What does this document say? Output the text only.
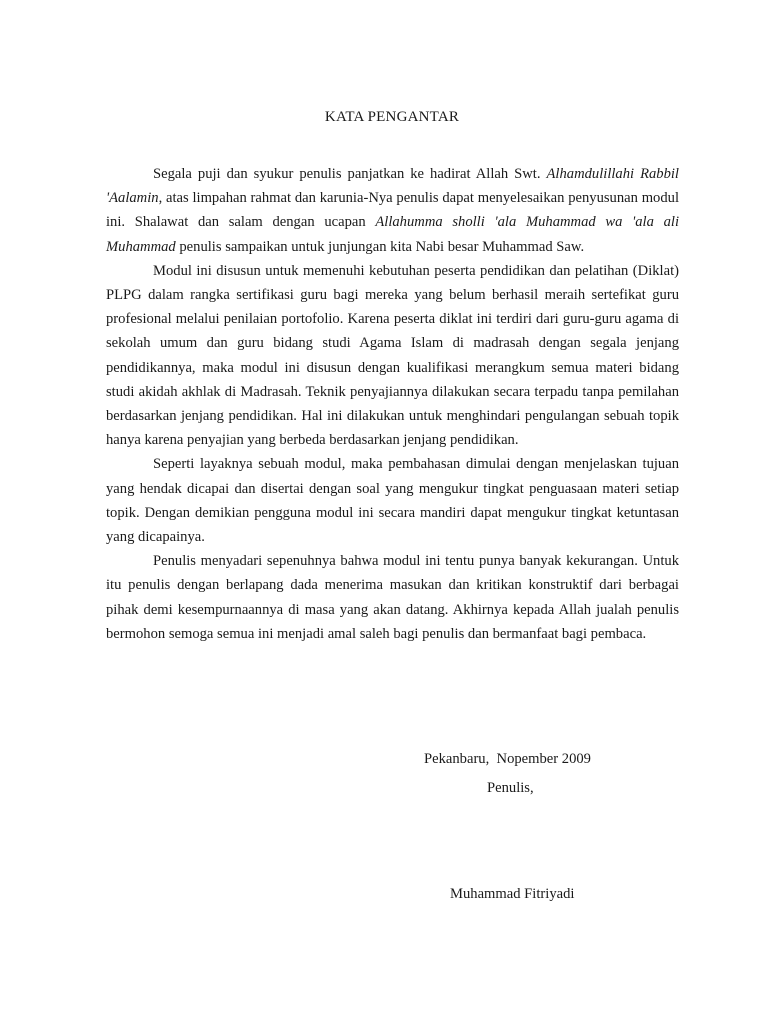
KATA PENGANTAR

Segala puji dan syukur penulis panjatkan ke hadirat Allah Swt. Alhamdulillahi Rabbil 'Aalamin, atas limpahan rahmat dan karunia-Nya penulis dapat menyelesaikan penyusunan modul ini. Shalawat dan salam dengan ucapan Allahumma sholli 'ala Muhammad wa 'ala ali Muhammad penulis sampaikan untuk junjungan kita Nabi besar Muhammad Saw.

Modul ini disusun untuk memenuhi kebutuhan peserta pendidikan dan pelatihan (Diklat) PLPG dalam rangka sertifikasi guru bagi mereka yang belum berhasil meraih sertefikat guru profesional melalui penilaian portofolio. Karena peserta diklat ini terdiri dari guru-guru agama di sekolah umum dan guru bidang studi Agama Islam di madrasah dengan segala jenjang pendidikannya, maka modul ini disusun dengan kualifikasi merangkum semua materi bidang studi akidah akhlak di Madrasah. Teknik penyajiannya dilakukan secara terpadu tanpa pemilahan berdasarkan jenjang pendidikan. Hal ini dilakukan untuk menghindari pengulangan sebuah topik hanya karena penyajian yang berbeda berdasarkan jenjang pendidikan.

Seperti layaknya sebuah modul, maka pembahasan dimulai dengan menjelaskan tujuan yang hendak dicapai dan disertai dengan soal yang mengukur tingkat penguasaan materi setiap topik. Dengan demikian pengguna modul ini secara mandiri dapat mengukur tingkat ketuntasan yang dicapainya.

Penulis menyadari sepenuhnya bahwa modul ini tentu punya banyak kekurangan. Untuk itu penulis dengan berlapang dada menerima masukan dan kritikan konstruktif dari berbagai pihak demi kesempurnaannya di masa yang akan datang. Akhirnya kepada Allah jualah penulis bermohon semoga semua ini menjadi amal saleh bagi penulis dan bermanfaat bagi pembaca.

Pekanbaru,  Nopember 2009
Penulis,
Muhammad Fitriyadi
